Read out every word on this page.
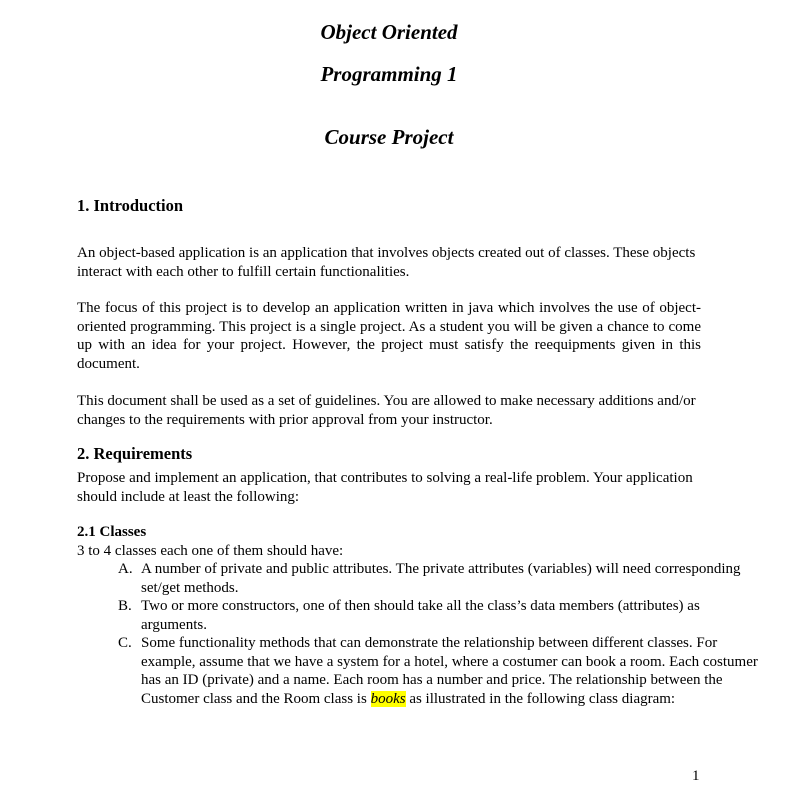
Object Oriented
Programming 1
Course Project
1. Introduction

An object-based application is an application that involves objects created out of classes. These objects interact with each other to fulfill certain functionalities.

The focus of this project is to develop an application written in java which involves the use of object-oriented programming. This project is a single project. As a student you will be given a chance to come up with an idea for your project. However, the project must satisfy the reequipments given in this document.

This document shall be used as a set of guidelines. You are allowed to make necessary additions and/or changes to the requirements with prior approval from your instructor.

2. Requirements

Propose and implement an application, that contributes to solving a real-life problem. Your application should include at least the following:

2.1 Classes

3 to 4 classes each one of them should have:

A. A number of private and public attributes. The private attributes (variables) will need corresponding set/get methods.
B. Two or more constructors, one of then should take all the class’s data members (attributes) as arguments.
C. Some functionality methods that can demonstrate the relationship between different classes. For example, assume that we have a system for a hotel, where a costumer can book a room. Each costumer has an ID (private) and a name. Each room has a number and price. The relationship between the Customer class and the Room class is books as illustrated in the following class diagram:
1
